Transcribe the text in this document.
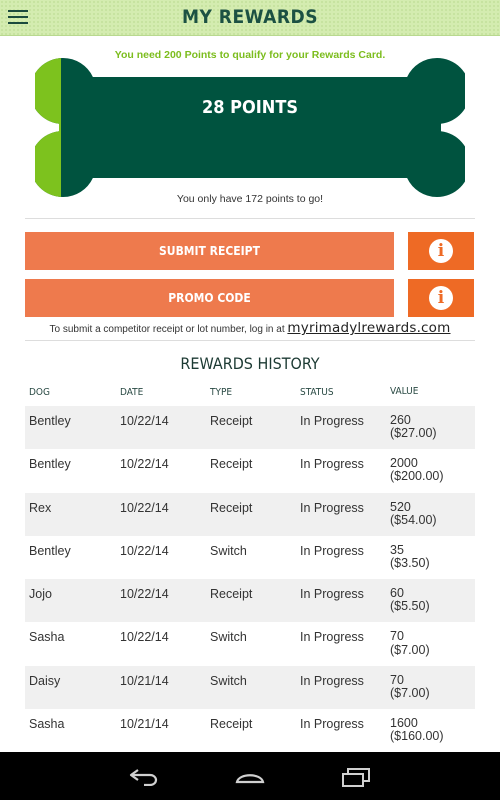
MY REWARDS
You need 200 Points to qualify for your Rewards Card.
28 POINTS
You only have 172 points to go!
SUBMIT RECEIPT	i
PROMO CODE	i
To submit a competitor receipt or lot number, log in at myrimadylrewards.com
REWARDS HISTORY
DOG	DATE	TYPE	STATUS	VALUE
Bentley	10/22/14	Receipt	In Progress	260
($27.00)
Bentley	10/22/14	Receipt	In Progress	2000
($200.00)
Rex	10/22/14	Receipt	In Progress	520
($54.00)
Bentley	10/22/14	Switch	In Progress	35
($3.50)
Jojo	10/22/14	Receipt	In Progress	60
($5.50)
Sasha	10/22/14	Switch	In Progress	70
($7.00)
Daisy	10/21/14	Switch	In Progress	70
($7.00)
Sasha	10/21/14	Receipt	In Progress	1600
($160.00)
